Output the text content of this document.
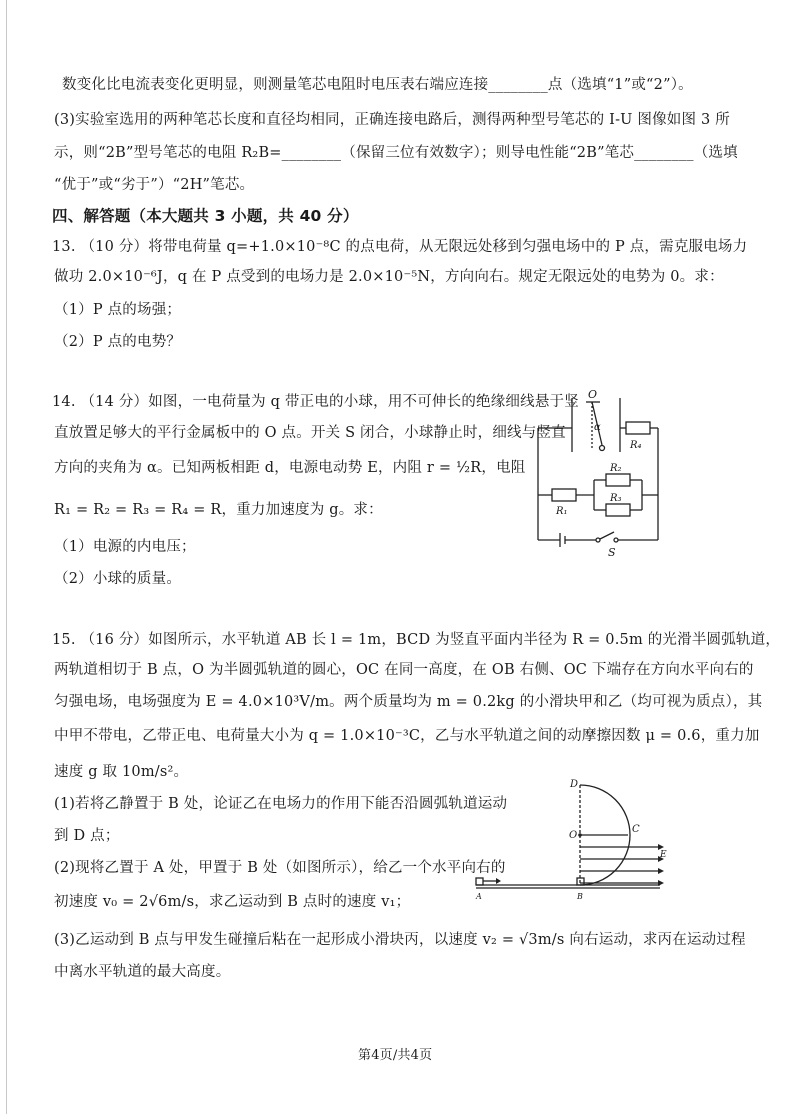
数变化比电流表变化更明显，则测量笔芯电阻时电压表右端应连接________点（选填“1”或“2”）。
(3)实验室选用的两种笔芯长度和直径均相同，正确连接电路后，测得两种型号笔芯的 I-U 图像如图 3 所
示，则“2B”型号笔芯的电阻 R₂B=________（保留三位有效数字）；则导电性能“2B”笔芯________（选填
“优于”或“劣于”）“2H”笔芯。
四、解答题（本大题共 3 小题，共 40 分）
13. （10 分）将带电荷量 q=+1.0×10⁻⁸C 的点电荷，从无限远处移到匀强电场中的 P 点，需克服电场力
做功 2.0×10⁻⁶J，q 在 P 点受到的电场力是 2.0×10⁻⁵N，方向向右。规定无限远处的电势为 0。求：
（1）P 点的场强；
（2）P 点的电势？
14. （14 分）如图，一电荷量为 q 带正电的小球，用不可伸长的绝缘细线悬于竖
直放置足够大的平行金属板中的 O 点。开关 S 闭合，小球静止时，细线与竖直
方向的夹角为 α。已知两板相距 d，电源电动势 E，内阻 r = ½R，电阻
R₁ = R₂ = R₃ = R₄ = R，重力加速度为 g。求：
（1）电源的内电压；
（2）小球的质量。
O
α
R₄
R₂
R₃
R₁
S
15. （16 分）如图所示，水平轨道 AB 长 l = 1m，BCD 为竖直平面内半径为 R = 0.5m 的光滑半圆弧轨道，
两轨道相切于 B 点，O 为半圆弧轨道的圆心，OC 在同一高度，在 OB 右侧、OC 下端存在方向水平向右的
匀强电场，电场强度为 E = 4.0×10³V/m。两个质量均为 m = 0.2kg 的小滑块甲和乙（均可视为质点），其
中甲不带电，乙带正电、电荷量大小为 q = 1.0×10⁻³C，乙与水平轨道之间的动摩擦因数 μ = 0.6，重力加
速度 g 取 10m/s²。
(1)若将乙静置于 B 处，论证乙在电场力的作用下能否沿圆弧轨道运动
到 D 点；
(2)现将乙置于 A 处，甲置于 B 处（如图所示），给乙一个水平向右的
初速度 v₀ = 2√6m/s，求乙运动到 B 点时的速度 v₁；
(3)乙运动到 B 点与甲发生碰撞后粘在一起形成小滑块丙，以速度 v₂ = √3m/s 向右运动，求丙在运动过程
中离水平轨道的最大高度。
D
O
C
E
A	B
第4页/共4页
